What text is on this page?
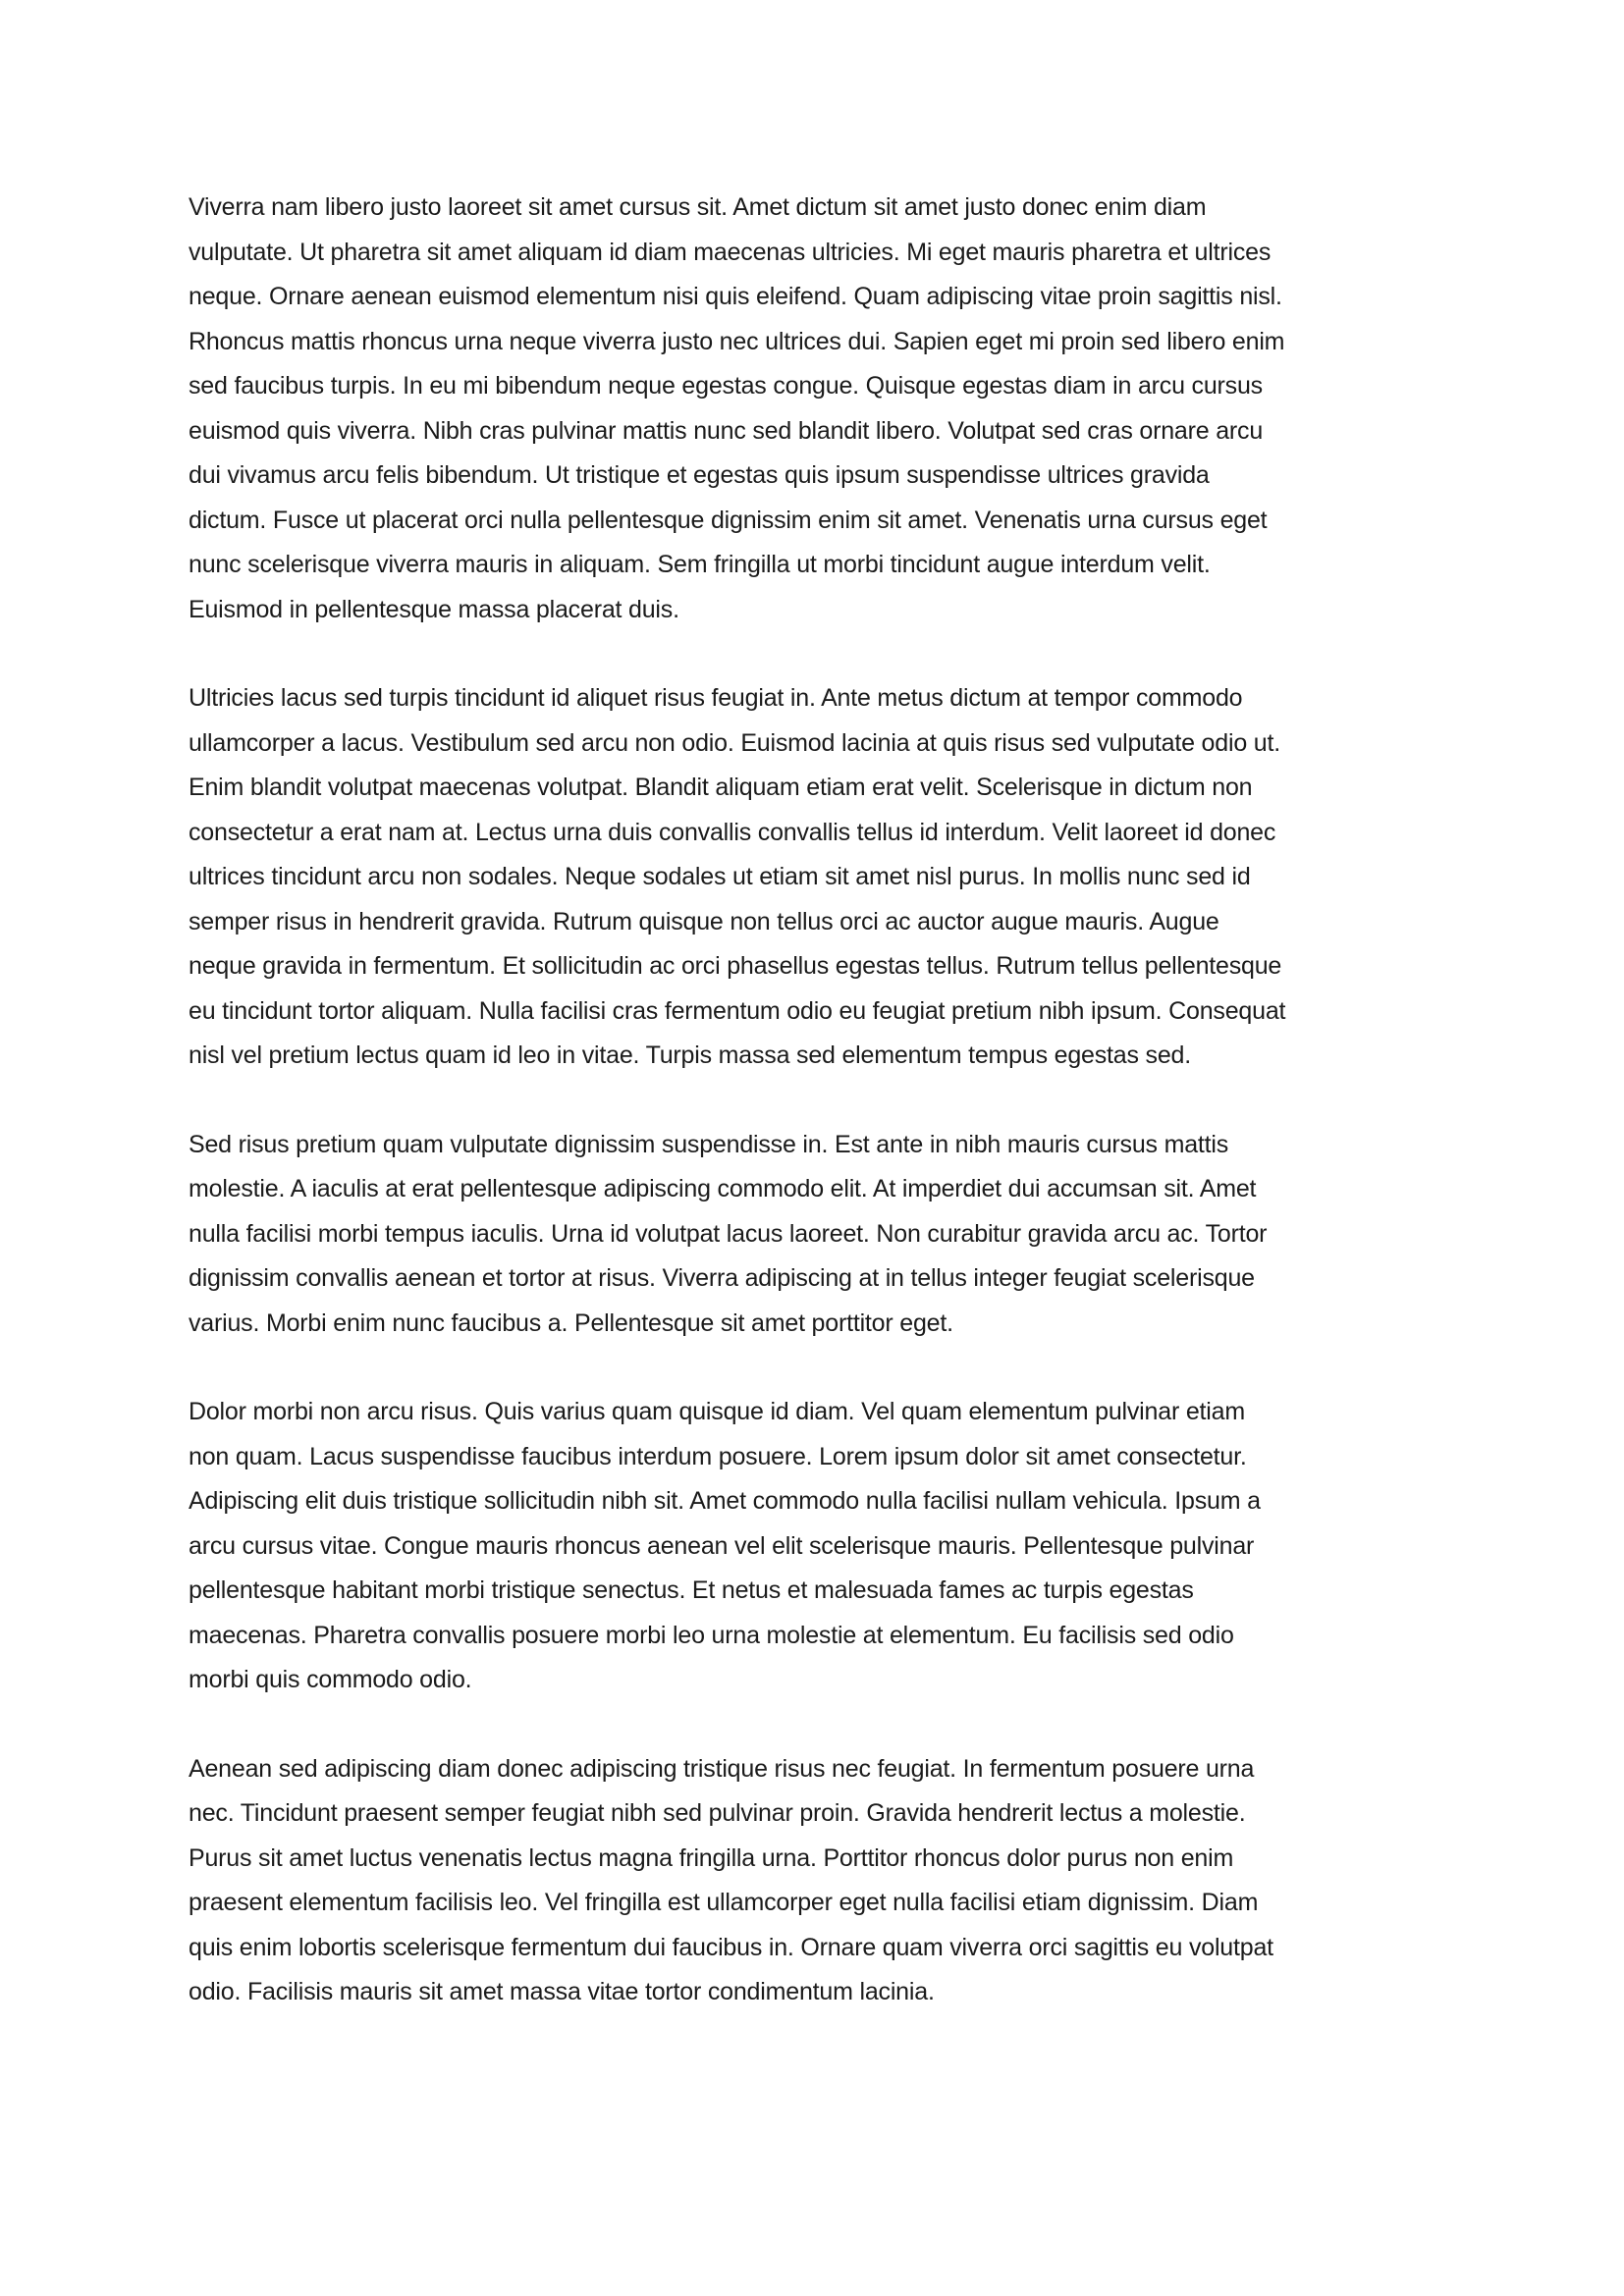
Viverra nam libero justo laoreet sit amet cursus sit. Amet dictum sit amet justo donec enim diam vulputate. Ut pharetra sit amet aliquam id diam maecenas ultricies. Mi eget mauris pharetra et ultrices neque. Ornare aenean euismod elementum nisi quis eleifend. Quam adipiscing vitae proin sagittis nisl. Rhoncus mattis rhoncus urna neque viverra justo nec ultrices dui. Sapien eget mi proin sed libero enim sed faucibus turpis. In eu mi bibendum neque egestas congue. Quisque egestas diam in arcu cursus euismod quis viverra. Nibh cras pulvinar mattis nunc sed blandit libero. Volutpat sed cras ornare arcu dui vivamus arcu felis bibendum. Ut tristique et egestas quis ipsum suspendisse ultrices gravida dictum. Fusce ut placerat orci nulla pellentesque dignissim enim sit amet. Venenatis urna cursus eget nunc scelerisque viverra mauris in aliquam. Sem fringilla ut morbi tincidunt augue interdum velit. Euismod in pellentesque massa placerat duis.

Ultricies lacus sed turpis tincidunt id aliquet risus feugiat in. Ante metus dictum at tempor commodo ullamcorper a lacus. Vestibulum sed arcu non odio. Euismod lacinia at quis risus sed vulputate odio ut. Enim blandit volutpat maecenas volutpat. Blandit aliquam etiam erat velit. Scelerisque in dictum non consectetur a erat nam at. Lectus urna duis convallis convallis tellus id interdum. Velit laoreet id donec ultrices tincidunt arcu non sodales. Neque sodales ut etiam sit amet nisl purus. In mollis nunc sed id semper risus in hendrerit gravida. Rutrum quisque non tellus orci ac auctor augue mauris. Augue neque gravida in fermentum. Et sollicitudin ac orci phasellus egestas tellus. Rutrum tellus pellentesque eu tincidunt tortor aliquam. Nulla facilisi cras fermentum odio eu feugiat pretium nibh ipsum. Consequat nisl vel pretium lectus quam id leo in vitae. Turpis massa sed elementum tempus egestas sed.

Sed risus pretium quam vulputate dignissim suspendisse in. Est ante in nibh mauris cursus mattis molestie. A iaculis at erat pellentesque adipiscing commodo elit. At imperdiet dui accumsan sit. Amet nulla facilisi morbi tempus iaculis. Urna id volutpat lacus laoreet. Non curabitur gravida arcu ac. Tortor dignissim convallis aenean et tortor at risus. Viverra adipiscing at in tellus integer feugiat scelerisque varius. Morbi enim nunc faucibus a. Pellentesque sit amet porttitor eget.

Dolor morbi non arcu risus. Quis varius quam quisque id diam. Vel quam elementum pulvinar etiam non quam. Lacus suspendisse faucibus interdum posuere. Lorem ipsum dolor sit amet consectetur. Adipiscing elit duis tristique sollicitudin nibh sit. Amet commodo nulla facilisi nullam vehicula. Ipsum a arcu cursus vitae. Congue mauris rhoncus aenean vel elit scelerisque mauris. Pellentesque pulvinar pellentesque habitant morbi tristique senectus. Et netus et malesuada fames ac turpis egestas maecenas. Pharetra convallis posuere morbi leo urna molestie at elementum. Eu facilisis sed odio morbi quis commodo odio.

Aenean sed adipiscing diam donec adipiscing tristique risus nec feugiat. In fermentum posuere urna nec. Tincidunt praesent semper feugiat nibh sed pulvinar proin. Gravida hendrerit lectus a molestie. Purus sit amet luctus venenatis lectus magna fringilla urna. Porttitor rhoncus dolor purus non enim praesent elementum facilisis leo. Vel fringilla est ullamcorper eget nulla facilisi etiam dignissim. Diam quis enim lobortis scelerisque fermentum dui faucibus in. Ornare quam viverra orci sagittis eu volutpat odio. Facilisis mauris sit amet massa vitae tortor condimentum lacinia.
